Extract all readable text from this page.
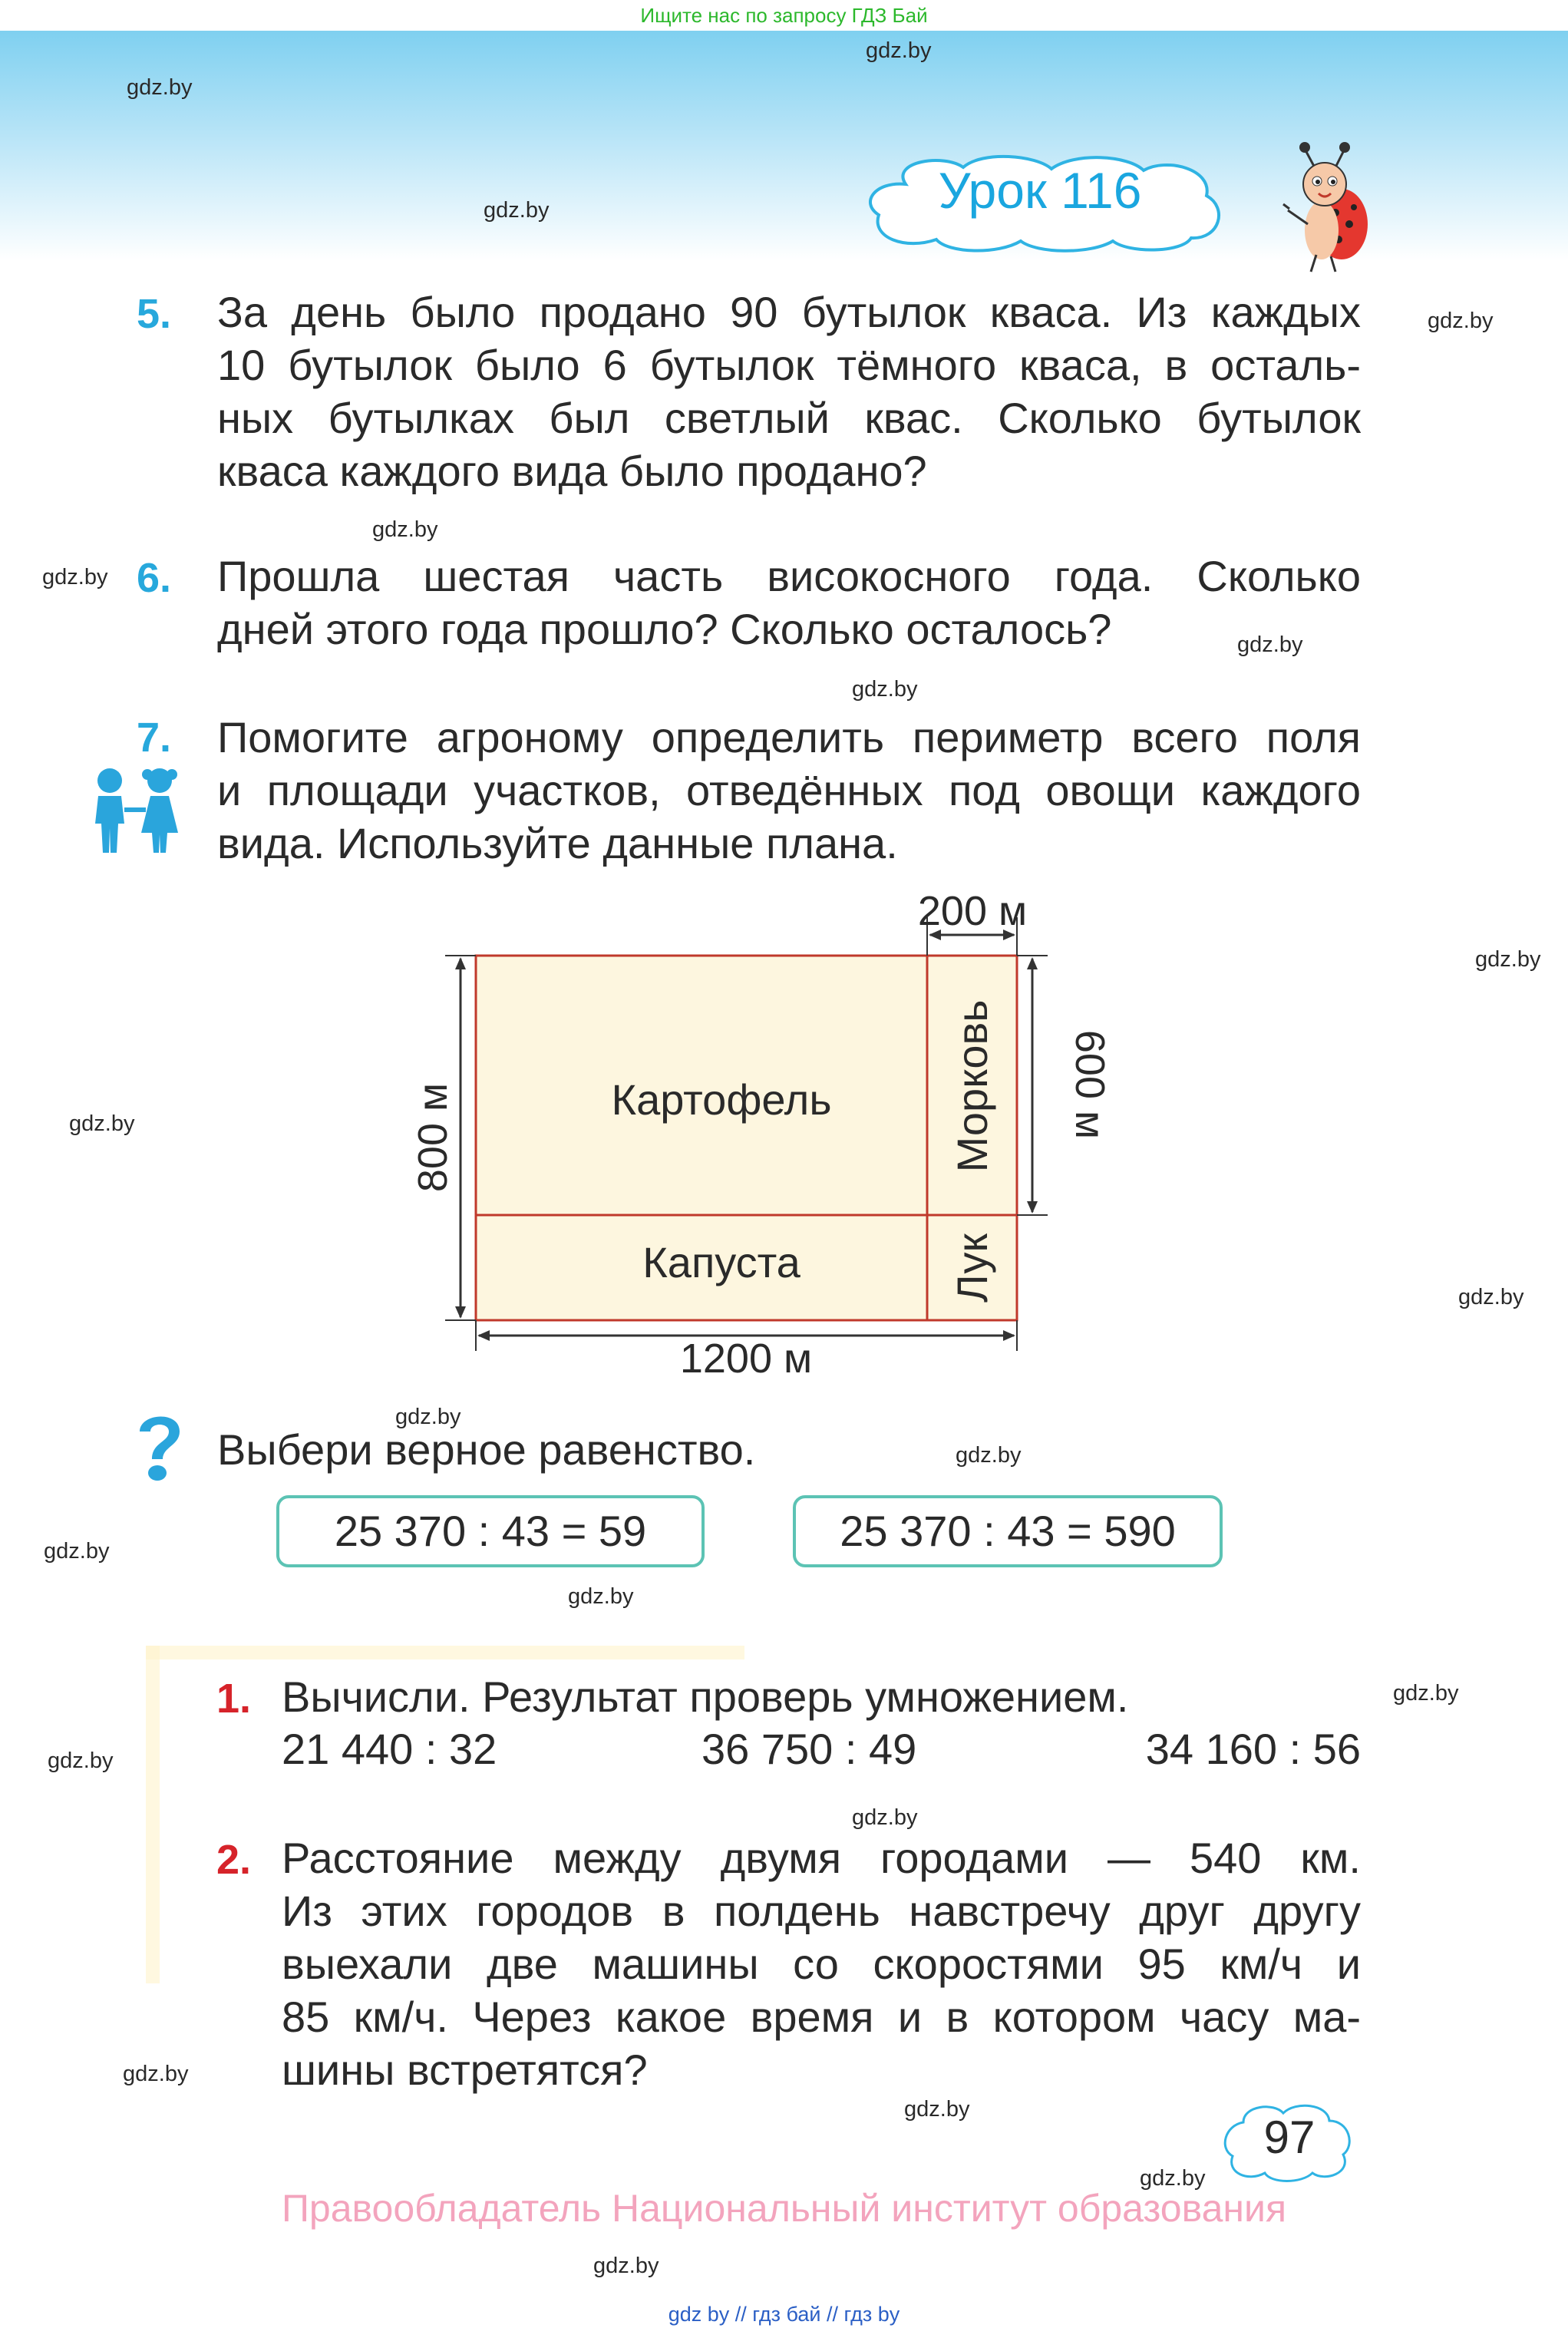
Ищите нас по запросу ГДЗ Бай
gdz.by
gdz.by
gdz.by
gdz.by
gdz.by
gdz.by
gdz.by
gdz.by
gdz.by
gdz.by
gdz.by
gdz.by
gdz.by
gdz.by
gdz.by
gdz.by
gdz.by
gdz.by
gdz.by
gdz.by
gdz.by
gdz.by
Урок 116
5. За день было продано 90 бутылок кваса. Из каждых
10 бутылок было 6 бутылок тёмного кваса, в осталь-
ных бутылках был светлый квас. Сколько бутылок
кваса каждого вида было продано?
6. Прошла шестая часть високосного года. Сколько
дней этого года прошло? Сколько осталось?
7. Помогите агроному определить периметр всего поля
и площади участков, отведённых под овощи каждого
вида. Используйте данные плана.
Картофель
Капуста
Морковь
Лук
200 м
600 м
800 м
1200 м
Выбери верное равенство.
25 370 : 43 = 59	25 370 : 43 = 590
1. Вычисли. Результат проверь умножением.
21 440 : 32	36 750 : 49	34 160 : 56
2. Расстояние между двумя городами — 540 км.
Из этих городов в полдень навстречу друг другу
выехали две машины со скоростями 95 км/ч и
85 км/ч. Через какое время и в котором часу ма-
шины встретятся?
97
Правообладатель Национальный институт образования
gdz by // гдз бай // гдз by
